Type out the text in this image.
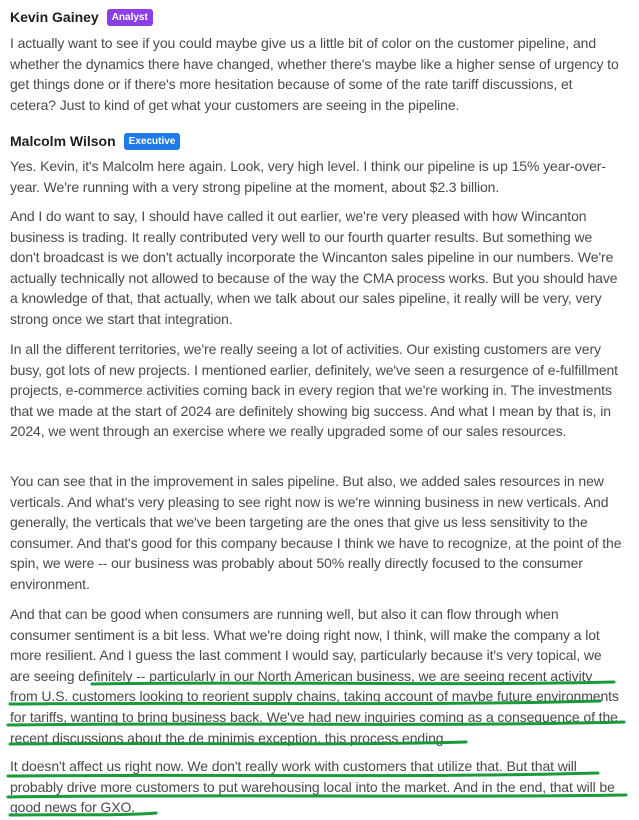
Kevin Gainey	Analyst

I actually want to see if you could maybe give us a little bit of color on the customer pipeline, and whether the dynamics there have changed, whether there's maybe like a higher sense of urgency to get things done or if there's more hesitation because of some of the rate tariff discussions, et cetera? Just to kind of get what your customers are seeing in the pipeline.

Malcolm Wilson	Executive

Yes. Kevin, it's Malcolm here again. Look, very high level. I think our pipeline is up 15% year-over-year. We're running with a very strong pipeline at the moment, about $2.3 billion.

And I do want to say, I should have called it out earlier, we're very pleased with how Wincanton business is trading. It really contributed very well to our fourth quarter results. But something we don't broadcast is we don't actually incorporate the Wincanton sales pipeline in our numbers. We're actually technically not allowed to because of the way the CMA process works. But you should have a knowledge of that, that actually, when we talk about our sales pipeline, it really will be very, very strong once we start that integration.

In all the different territories, we're really seeing a lot of activities. Our existing customers are very busy, got lots of new projects. I mentioned earlier, definitely, we've seen a resurgence of e-fulfillment projects, e-commerce activities coming back in every region that we're working in. The investments that we made at the start of 2024 are definitely showing big success. And what I mean by that is, in 2024, we went through an exercise where we really upgraded some of our sales resources.

You can see that in the improvement in sales pipeline. But also, we added sales resources in new verticals. And what's very pleasing to see right now is we're winning business in new verticals. And generally, the verticals that we've been targeting are the ones that give us less sensitivity to the consumer. And that's good for this company because I think we have to recognize, at the point of the spin, we were -- our business was probably about 50% really directly focused to the consumer environment.

And that can be good when consumers are running well, but also it can flow through when consumer sentiment is a bit less. What we're doing right now, I think, will make the company a lot more resilient. And I guess the last comment I would say, particularly because it's very topical, we are seeing definitely -- particularly in our North American business, we are seeing recent activity from U.S. customers looking to reorient supply chains, taking account of maybe future environments for tariffs, wanting to bring business back. We've had new inquiries coming as a consequence of the recent discussions about the de minimis exception, this process ending.

It doesn't affect us right now. We don't really work with customers that utilize that. But that will probably drive more customers to put warehousing local into the market. And in the end, that will be good news for GXO.
